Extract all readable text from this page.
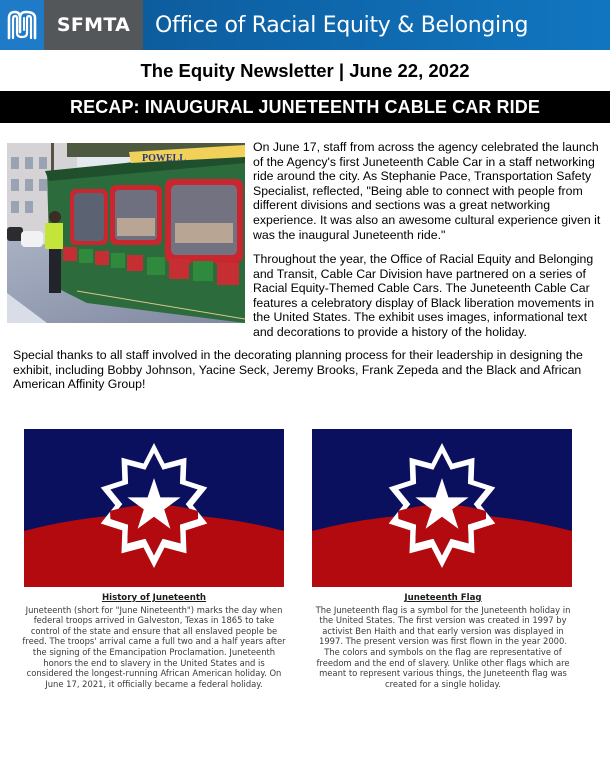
SFMTA Office of Racial Equity & Belonging
The Equity Newsletter | June 22, 2022
RECAP: INAUGURAL JUNETEENTH CABLE CAR RIDE
POWELL

On June 17, staff from across the agency celebrated the launch of the Agency's first Juneteenth Cable Car in a staff networking ride around the city. As Stephanie Pace, Transportation Safety Specialist, reflected, "Being able to connect with people from different divisions and sections was a great networking experience. It was also an awesome cultural experience given it was the inaugural Juneteenth ride."

Throughout the year, the Office of Racial Equity and Belonging and Transit, Cable Car Division have partnered on a series of Racial Equity-Themed Cable Cars. The Juneteenth Cable Car features a celebratory display of Black liberation movements in the United States. The exhibit uses images, informational text and decorations to provide a history of the holiday.

Special thanks to all staff involved in the decorating planning process for their leadership in designing the exhibit, including Bobby Johnson, Yacine Seck, Jeremy Brooks, Frank Zepeda and the Black and African American Affinity Group!

History of Juneteenth
Juneteenth (short for "June Nineteenth") marks the day when federal troops arrived in Galveston, Texas in 1865 to take control of the state and ensure that all enslaved people be freed. The troops' arrival came a full two and a half years after the signing of the Emancipation Proclamation. Juneteenth honors the end to slavery in the United States and is considered the longest-running African American holiday. On June 17, 2021, it officially became a federal holiday.
Juneteenth Flag
The Juneteenth flag is a symbol for the Juneteenth holiday in the United States. The first version was created in 1997 by activist Ben Haith and that early version was displayed in 1997. The present version was first flown in the year 2000. The colors and symbols on the flag are representative of freedom and the end of slavery. Unlike other flags which are meant to represent various things, the Juneteenth flag was created for a single holiday.
